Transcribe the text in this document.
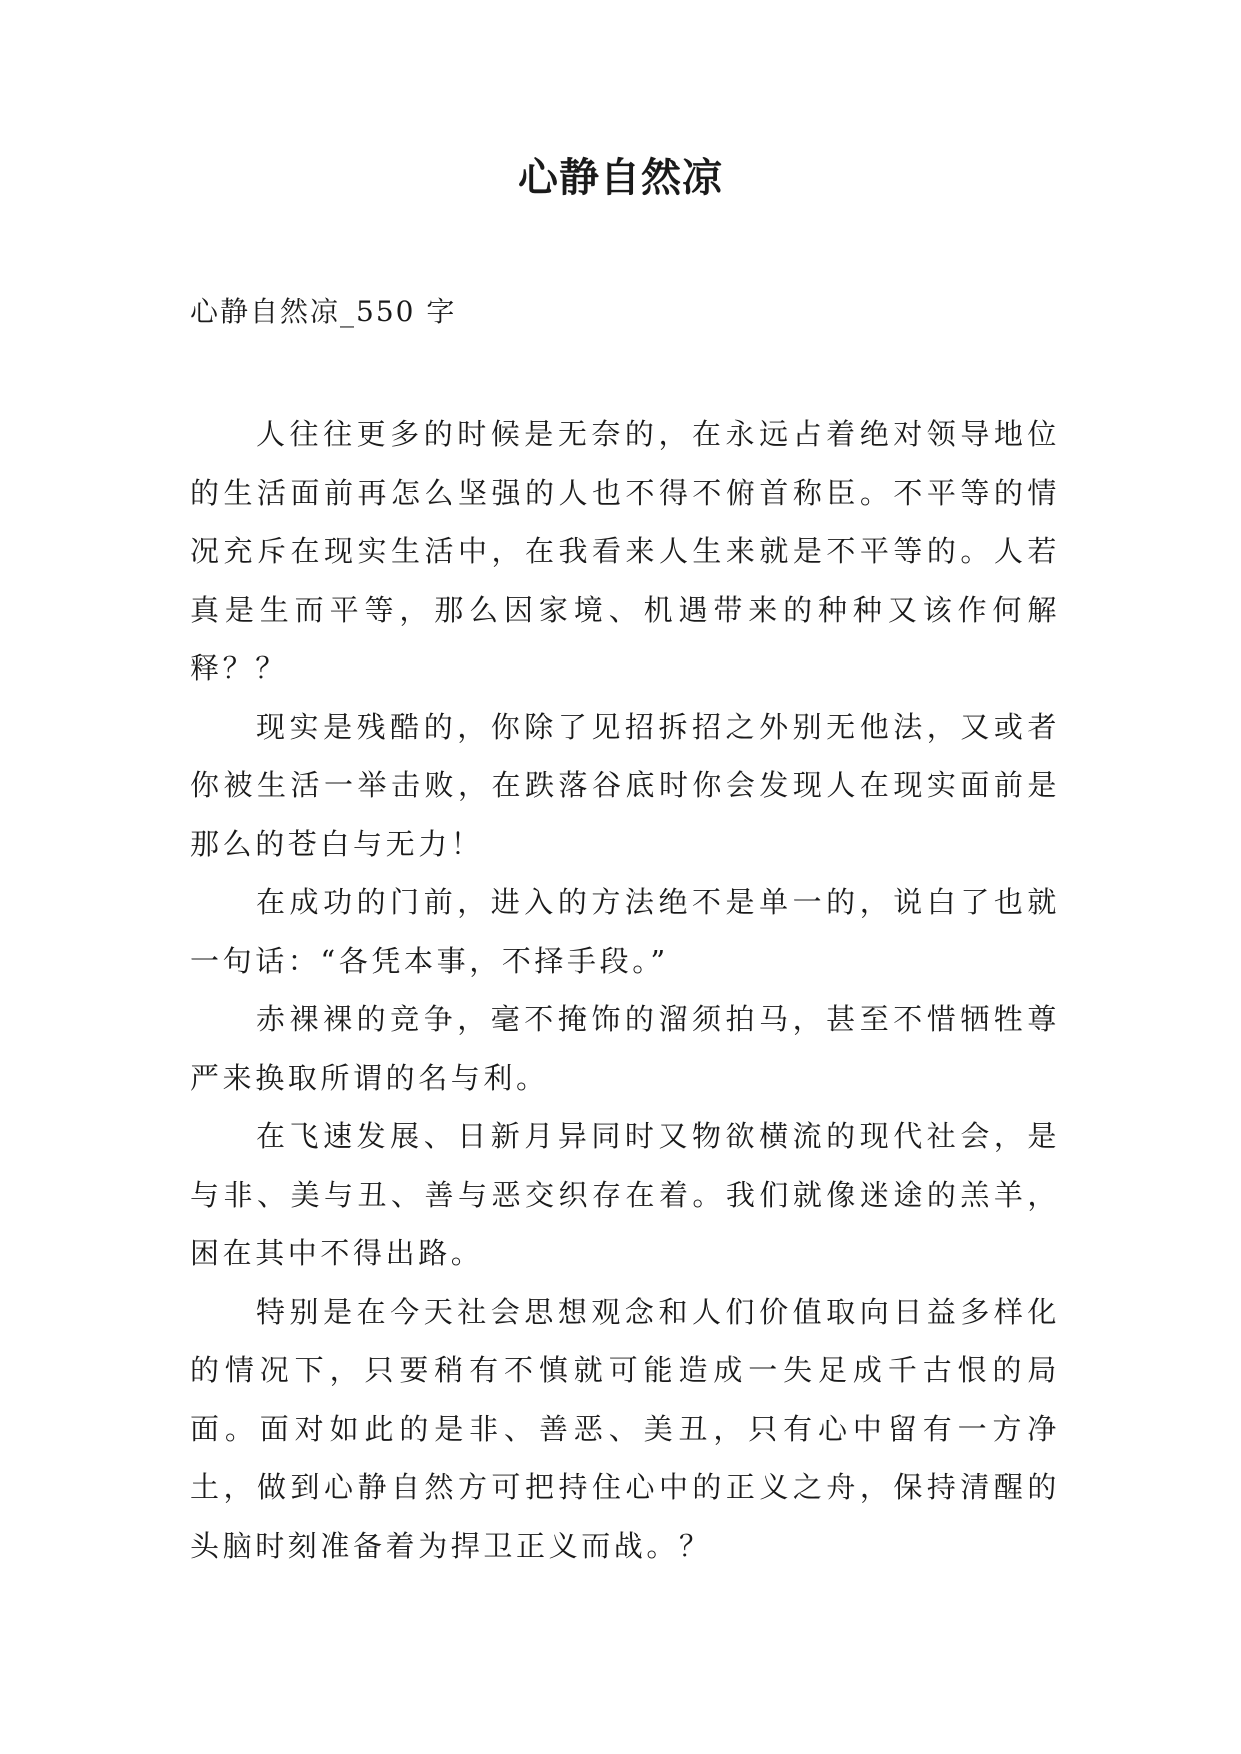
心静自然凉
心静自然凉_550 字

人往往更多的时候是无奈的，在永远占着绝对领导地位的生活面前再怎么坚强的人也不得不俯首称臣。不平等的情况充斥在现实生活中，在我看来人生来就是不平等的。人若真是生而平等，那么因家境、机遇带来的种种又该作何解释？？

现实是残酷的，你除了见招拆招之外别无他法，又或者你被生活一举击败，在跌落谷底时你会发现人在现实面前是那么的苍白与无力！

在成功的门前，进入的方法绝不是单一的，说白了也就一句话：“各凭本事，不择手段。”

赤裸裸的竞争，毫不掩饰的溜须拍马，甚至不惜牺牲尊严来换取所谓的名与利。

在飞速发展、日新月异同时又物欲横流的现代社会，是与非、美与丑、善与恶交织存在着。我们就像迷途的羔羊，困在其中不得出路。

特别是在今天社会思想观念和人们价值取向日益多样化的情况下，只要稍有不慎就可能造成一失足成千古恨的局面。面对如此的是非、善恶、美丑，只有心中留有一方净土，做到心静自然方可把持住心中的正义之舟，保持清醒的头脑时刻准备着为捍卫正义而战。？
